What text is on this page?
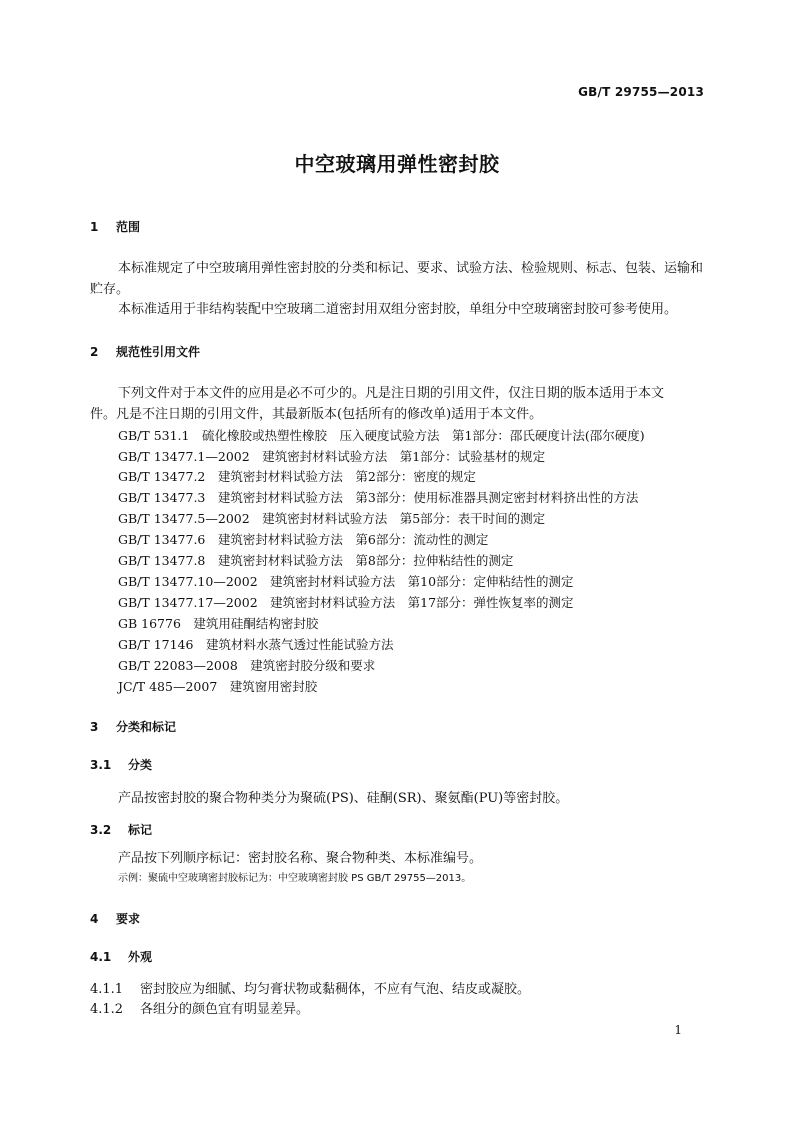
GB/T 29755—2013
中空玻璃用弹性密封胶
1 范围
本标准规定了中空玻璃用弹性密封胶的分类和标记、要求、试验方法、检验规则、标志、包装、运输和
贮存。
本标准适用于非结构装配中空玻璃二道密封用双组分密封胶，单组分中空玻璃密封胶可参考使用。
2 规范性引用文件
下列文件对于本文件的应用是必不可少的。凡是注日期的引用文件，仅注日期的版本适用于本文
件。凡是不注日期的引用文件，其最新版本(包括所有的修改单)适用于本文件。
GB/T 531.1　硫化橡胶或热塑性橡胶　压入硬度试验方法　第1部分：邵氏硬度计法(邵尔硬度)
GB/T 13477.1—2002　建筑密封材料试验方法　第1部分：试验基材的规定
GB/T 13477.2　建筑密封材料试验方法　第2部分：密度的规定
GB/T 13477.3　建筑密封材料试验方法　第3部分：使用标准器具测定密封材料挤出性的方法
GB/T 13477.5—2002　建筑密封材料试验方法　第5部分：表干时间的测定
GB/T 13477.6　建筑密封材料试验方法　第6部分：流动性的测定
GB/T 13477.8　建筑密封材料试验方法　第8部分：拉伸粘结性的测定
GB/T 13477.10—2002　建筑密封材料试验方法　第10部分：定伸粘结性的测定
GB/T 13477.17—2002　建筑密封材料试验方法　第17部分：弹性恢复率的测定
GB 16776　建筑用硅酮结构密封胶
GB/T 17146　建筑材料水蒸气透过性能试验方法
GB/T 22083—2008　建筑密封胶分级和要求
JC/T 485—2007　建筑窗用密封胶
3 分类和标记
3.1 分类
产品按密封胶的聚合物种类分为聚硫(PS)、硅酮(SR)、聚氨酯(PU)等密封胶。
3.2 标记
产品按下列顺序标记：密封胶名称、聚合物种类、本标准编号。
示例：聚硫中空玻璃密封胶标记为：中空玻璃密封胶 PS GB/T 29755—2013。
4 要求
4.1 外观
4.1.1 密封胶应为细腻、均匀膏状物或黏稠体，不应有气泡、结皮或凝胶。
4.1.2 各组分的颜色宜有明显差异。
1
